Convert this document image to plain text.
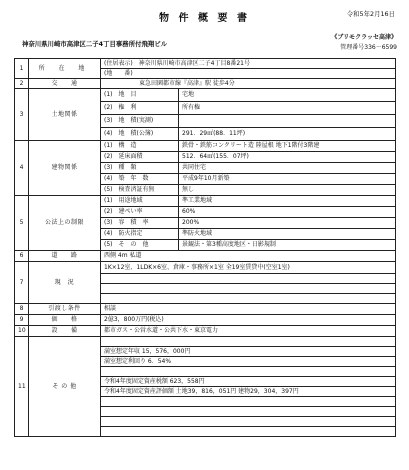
物 件 概 要 書	令和5年2月16日
神奈川県川崎市高津区二子4丁目事務所付飛翔ビル
《ブリモクラッセ高津》
管理番号336－6599
1	所 在 地	(住居表示)　神奈川県川崎市高津区二子4丁目8番21号	
		(地　　番)	
2	交　　通	東急田園都市線『高津』駅 徒歩4分	
3	土地関係	(1)　地　目	宅地
		(2)　権　利	所有権
		(3)　地　積(実測)	
		(4)　地　積(公簿)	291．29㎡(88．11坪)
4	建物関係	(1)　構　造	鉄骨・鉄筋コンクリート造 陸屋根 地下1階付3階建
		(2)　延床面積	512．64㎡(155．07坪)
		(3)　種　類	共同住宅
		(4)　築　年　数	平成9年10月新築
		(5)　検査済証有無	無し
5	公法上の制限	(1)　用途地域	準工業地域
		(2)　建ぺい率	60%
		(3)　容　積　率	200%
		(4)　防火指定	準防火地域
		(5)　そ　の　他	景観法・第3種高度地区・日影規制
6	道　　路	西側 4m 私道	
7	現　況	1K×12室、1LDK×6室、倉庫・事務所×1室 全19室賃貸中(空室1室)	

8	引渡し条件	相談	
9	価　　格	2億3，800万円(税込)	
10	設　　備	都市ガス・公営水道・公共下水・東京電力	
11	そ の 他		
		満室想定年収 15，576，000円	
		満室想定利回り 6．54%	

		令和4年度固定資産税額 623，558円	
		令和4年度固定資産評価額 土地39，816，051円 建物29，304，397円	
